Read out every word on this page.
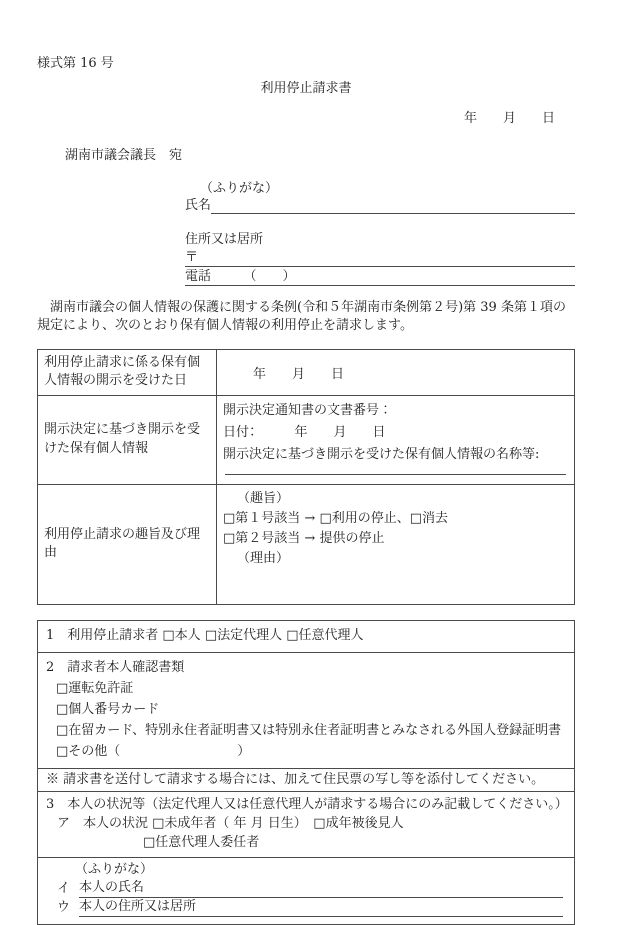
様式第 16 号
利用停止請求書
年　　月　　日
湖南市議会議長　宛
（ふりがな）
氏名
住所又は居所
〒
電話　　　（　　）
湖南市議会の個人情報の保護に関する条例(令和５年湖南市条例第２号)第 39 条第１項の規定により、次のとおり保有個人情報の利用停止を請求します。
利用停止請求に係る保有個人情報の開示を受けた日	年　　月　　日

開示決定に基づき開示を受けた保有個人情報	開示決定通知書の文書番号：
日付：　　　年　　月　　日
開示決定に基づき開示を受けた保有個人情報の名称等:

利用停止請求の趣旨及び理由	（趣旨）
□第１号該当 → □利用の停止、□消去
□第２号該当 → 提供の停止
（理由）
1　利用停止請求者 □本人 □法定代理人 □任意代理人

2　請求者本人確認書類
□運転免許証
□個人番号カード
□在留カード、特別永住者証明書又は特別永住者証明書とみなされる外国人登録証明書
□その他（　　　　　　　　　）

※ 請求書を送付して請求する場合には、加えて住民票の写し等を添付してください。

3　本人の状況等（法定代理人又は任意代理人が請求する場合にのみ記載してください。）
ア　本人の状況 □未成年者（ 年 月 日生）　□成年被後見人
□任意代理人委任者

（ふりがな）
イ 本人の氏名
ウ 本人の住所又は居所
